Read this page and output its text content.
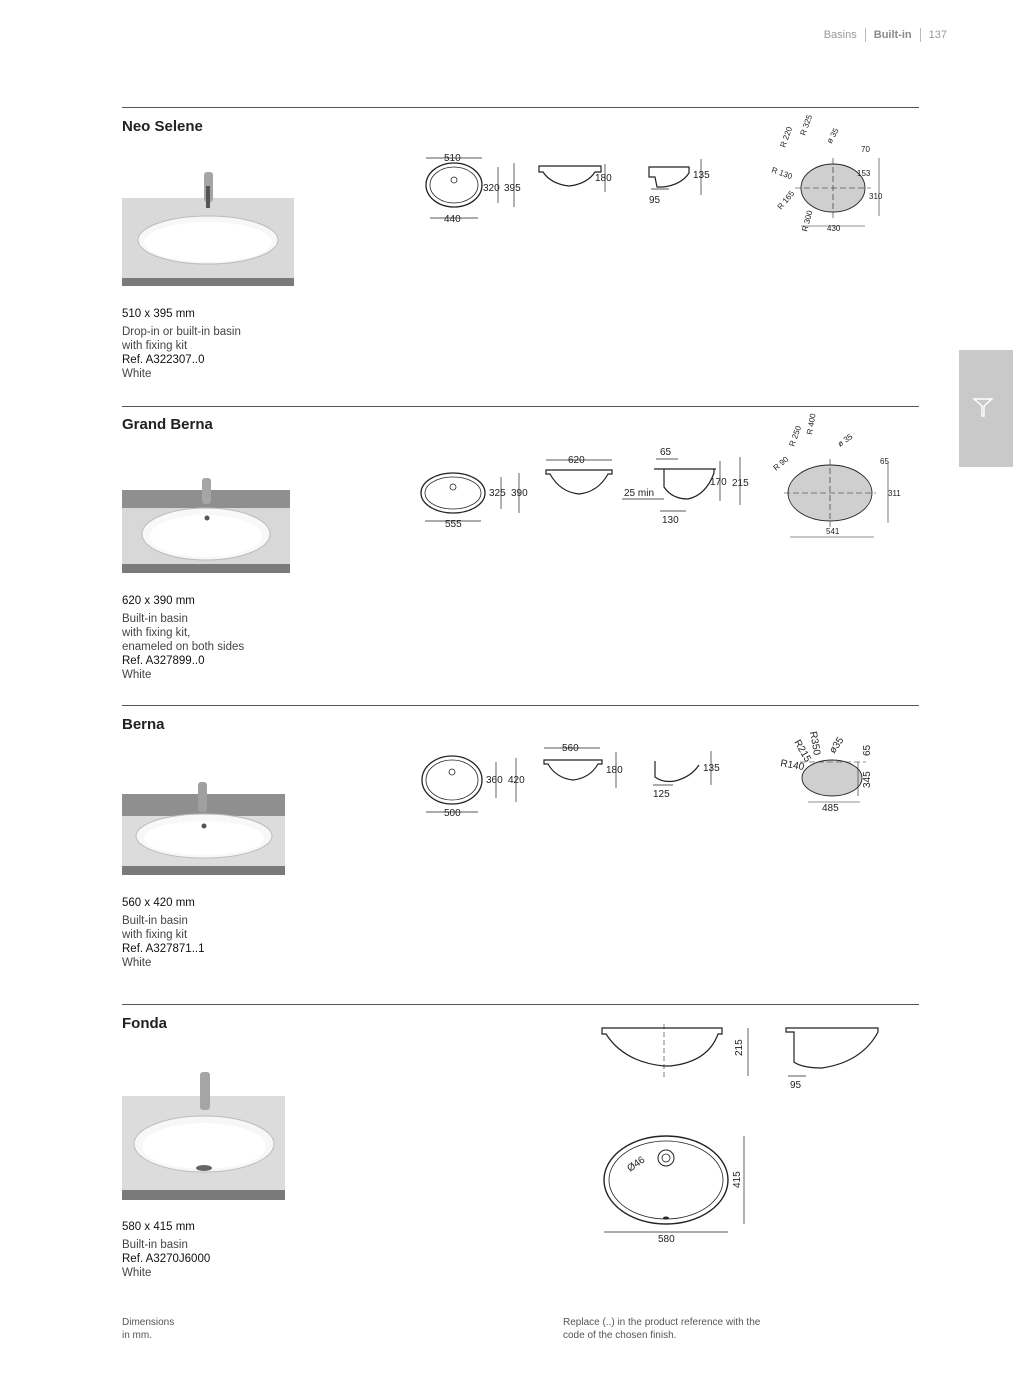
Basins Built-in 137
Neo Selene
510 x 395 mm
Drop-in or built-in basin
with fixing kit
Ref. A322307..0
White
510
440
320 395
180	135
95
R 220
R 325 ø 35
R 130
R 165
R 300
70
153
310
430
Grand Berna
620 x 390 mm
Built-in basin
with fixing kit,
enameled on both sides
Ref. A327899..0
White
555
325 390
620
65
25 min
130
170 215
R 250
R 400
ø 35
R 90	65
311
541
Berna
560 x 420 mm
Built-in basin
with fixing kit
Ref. A327871..1
White
500
360 420
560
180
125
135
R215
R350 ø35
R140
65
345
485
Fonda
580 x 415 mm
Built-in basin
Ref. A3270J6000
White
215
95
Ø46
580
415
Dimensions
in mm.
Replace (..) in the product reference with the
code of the chosen finish.
